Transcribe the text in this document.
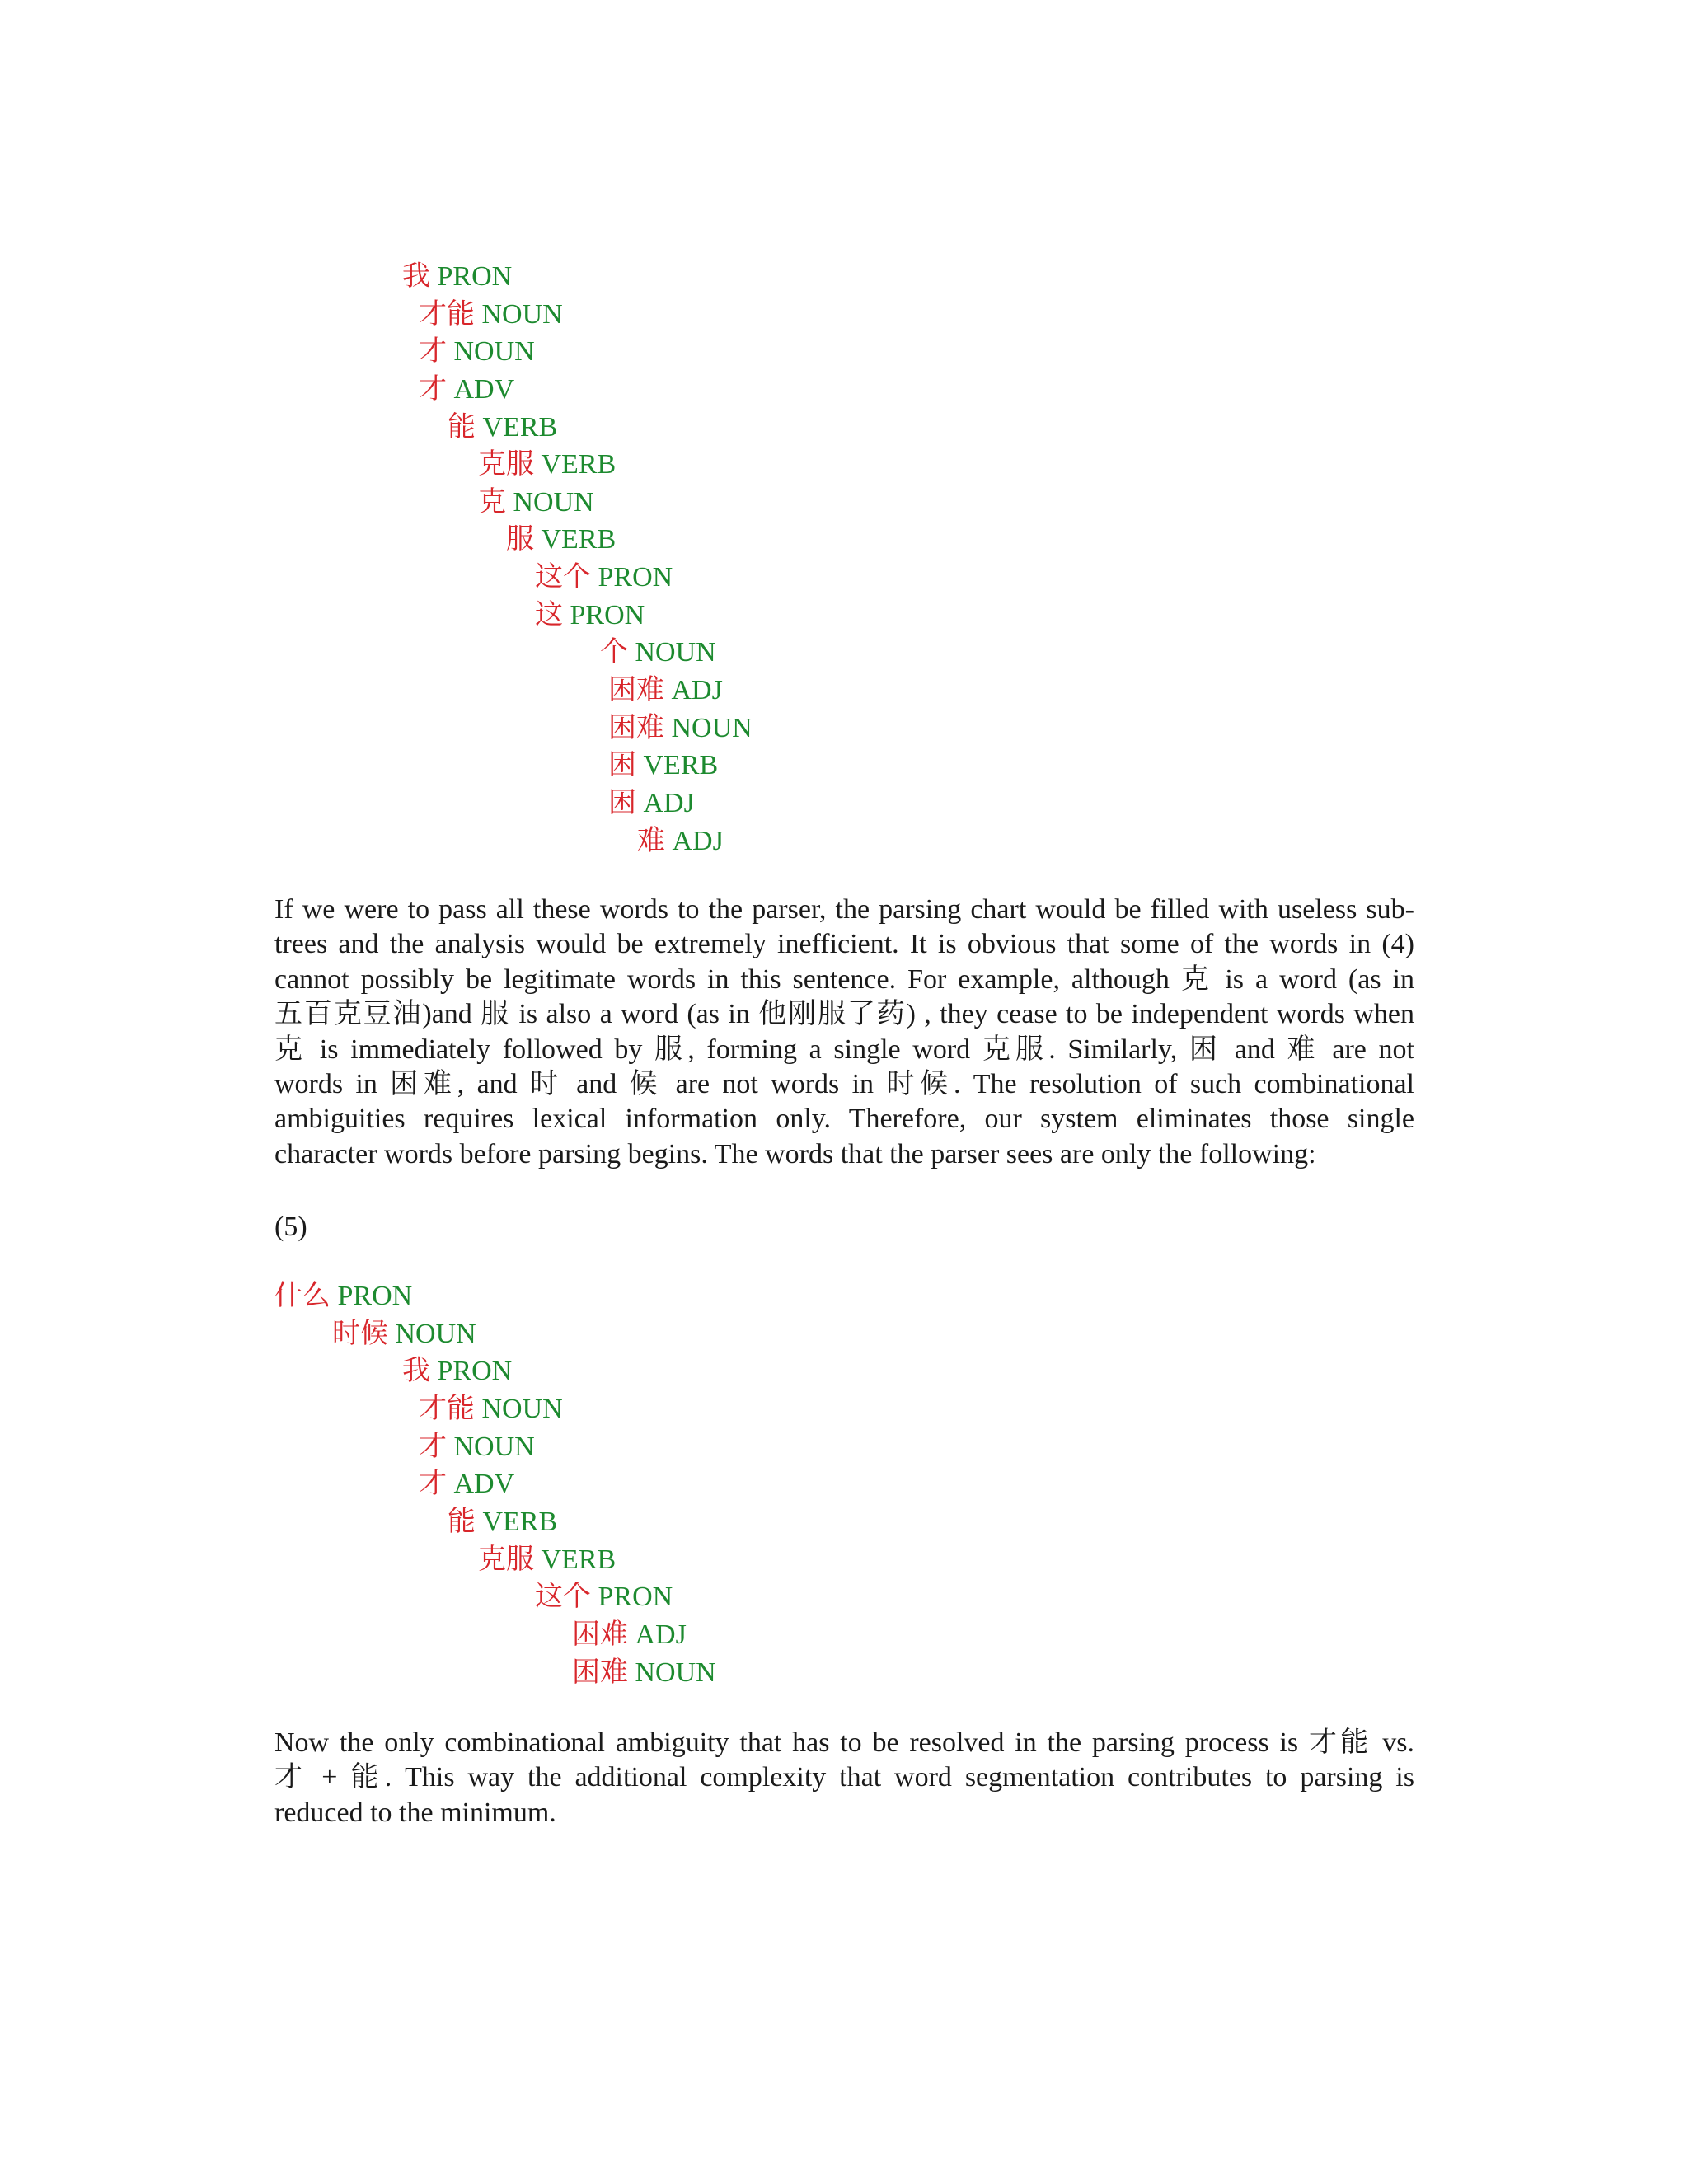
我 PRON
才能 NOUN
才 NOUN
才 ADV
能 VERB
克服 VERB
克 NOUN
服 VERB
这个 PRON
这 PRON
个 NOUN
困难 ADJ
困难 NOUN
困 VERB
困 ADJ
难 ADJ
If we were to pass all these words to the parser, the parsing chart would be filled with useless sub-
trees and the analysis would be extremely inefficient. It is obvious that some of the words in (4)
cannot possibly be legitimate words in this sentence. For example, although 克 is a word (as in
五百克豆油)and 服 is also a word (as in 他刚服了药) , they cease to be independent words when
克 is immediately followed by 服, forming a single word 克服. Similarly, 困 and 难 are not
words in 困难, and 时 and 候 are not words in 时候. The resolution of such combinational
ambiguities requires lexical information only. Therefore, our system eliminates those single
character words before parsing begins. The words that the parser sees are only the following:
(5)
什么 PRON
时候 NOUN
我 PRON
才能 NOUN
才 NOUN
才 ADV
能 VERB
克服 VERB
这个 PRON
困难 ADJ
困难 NOUN
Now the only combinational ambiguity that has to be resolved in the parsing process is 才能 vs.
才 + 能. This way the additional complexity that word segmentation contributes to parsing is
reduced to the minimum.
